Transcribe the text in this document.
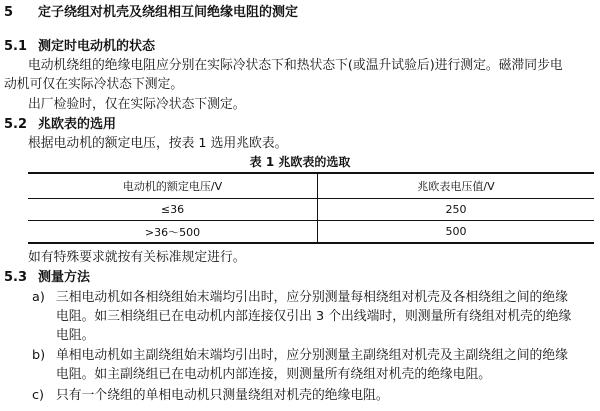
5 定子绕组对机壳及绕组相互间绝缘电阻的测定
5.1 测定时电动机的状态
电动机绕组的绝缘电阻应分别在实际冷状态下和热状态下(或温升试验后)进行测定。磁滞同步电
动机可仅在实际冷状态下测定。
出厂检验时，仅在实际冷状态下测定。
5.2 兆欧表的选用
根据电动机的额定电压，按表 1 选用兆欧表。
表 1 兆欧表的选取
电动机的额定电压/V	兆欧表电压值/V
≤36	250
>36～500	500
如有特殊要求就按有关标准规定进行。
5.3 测量方法
a) 三相电动机如各相绕组始末端均引出时，应分别测量每相绕组对机壳及各相绕组之间的绝缘
电阻。如三相绕组已在电动机内部连接仅引出 3 个出线端时，则测量所有绕组对机壳的绝缘
电阻。
b) 单相电动机如主副绕组始末端均引出时，应分别测量主副绕组对机壳及主副绕组之间的绝缘
电阻。如主副绕组已在电动机内部连接，则测量所有绕组对机壳的绝缘电阻。
c) 只有一个绕组的单相电动机只测量绕组对机壳的绝缘电阻。
